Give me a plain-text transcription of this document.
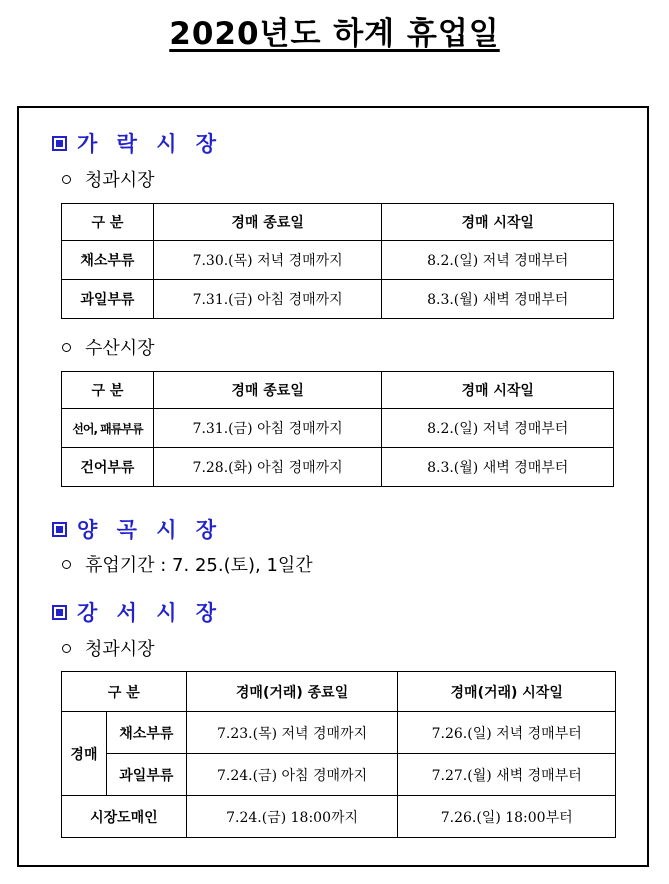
2020년도 하계 휴업일
가 락 시 장
청과시장
구 분	경매 종료일	경매 시작일
채소부류	7.30.(목) 저녁 경매까지	8.2.(일) 저녁 경매부터
과일부류	7.31.(금) 아침 경매까지	8.3.(월) 새벽 경매부터
수산시장
구 분	경매 종료일	경매 시작일
선어, 패류부류	7.31.(금) 아침 경매까지	8.2.(일) 저녁 경매부터
건어부류	7.28.(화) 아침 경매까지	8.3.(월) 새벽 경매부터
양 곡 시 장
휴업기간 : 7. 25.(토), 1일간
강 서 시 장
청과시장
구 분		경매(거래) 종료일	경매(거래) 시작일
경매	채소부류	7.23.(목) 저녁 경매까지	7.26.(일) 저녁 경매부터
	과일부류	7.24.(금) 아침 경매까지	7.27.(월) 새벽 경매부터
시장도매인		7.24.(금) 18:00까지	7.26.(일) 18:00부터
